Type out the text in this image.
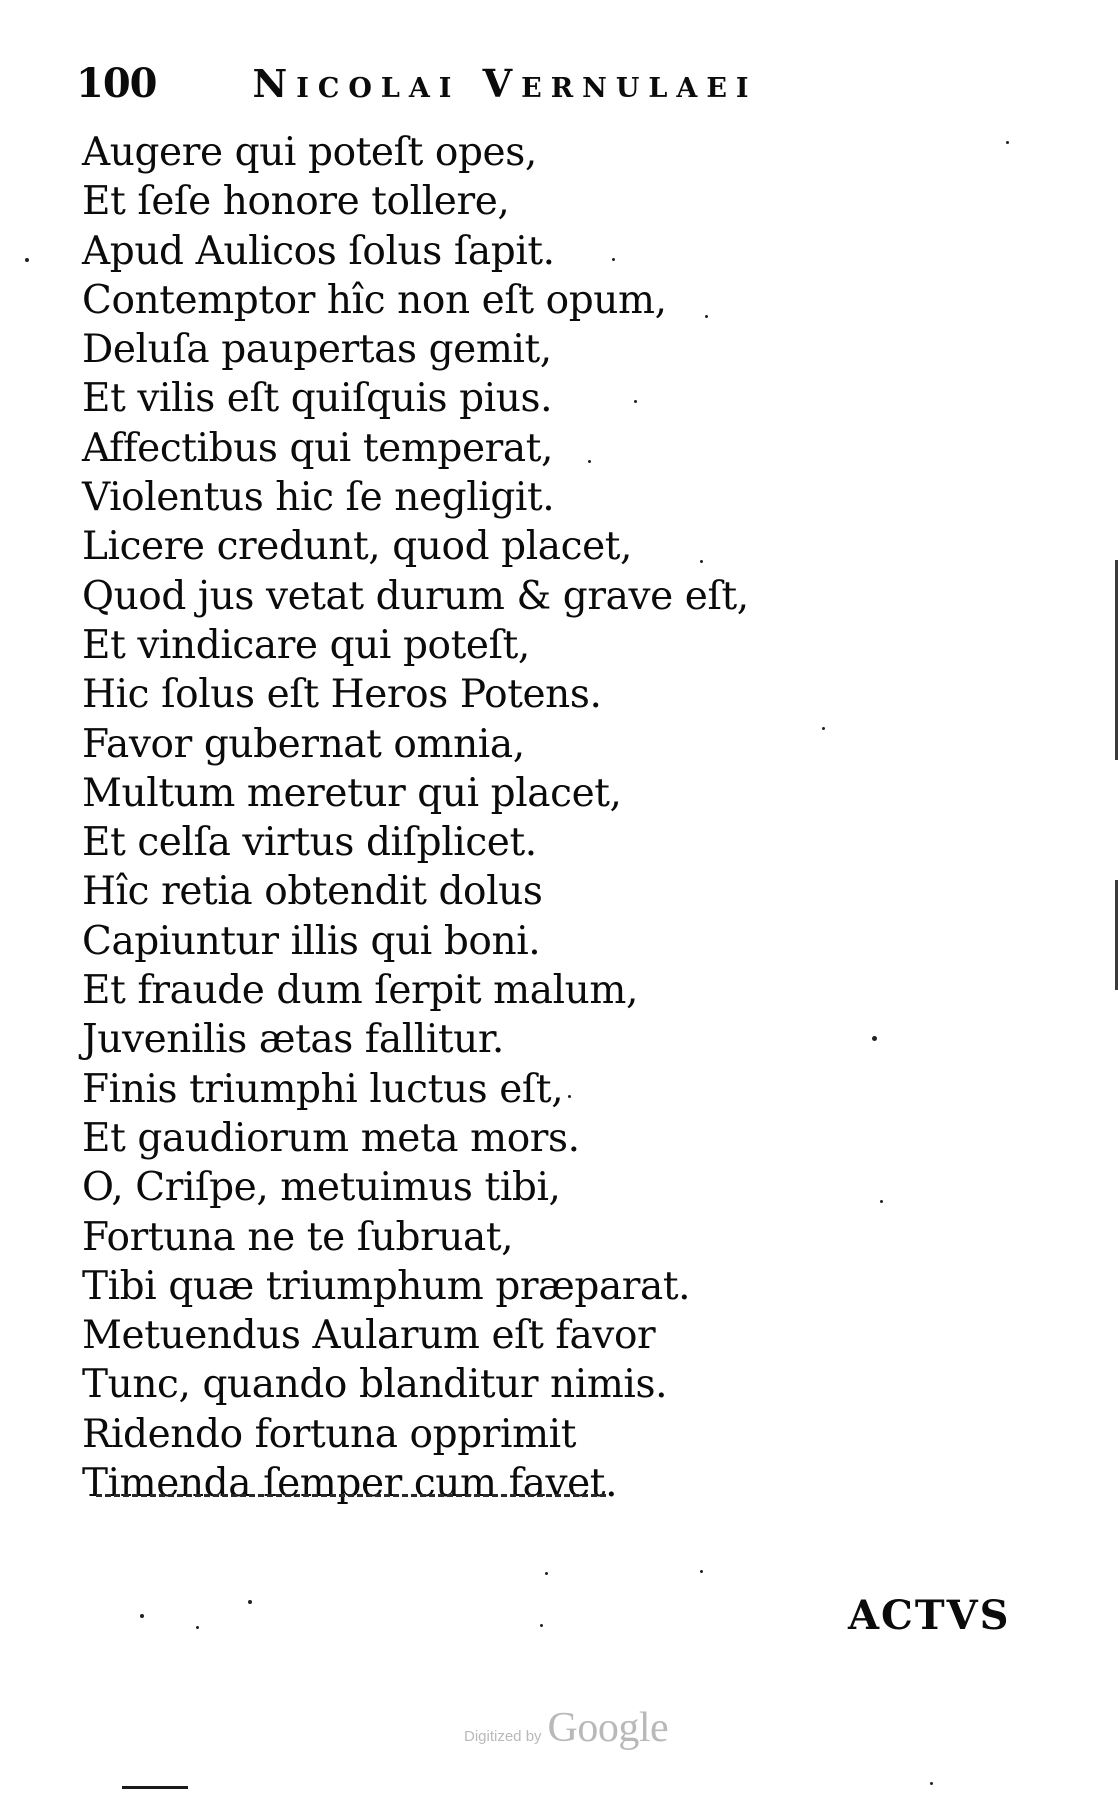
100	Nicolai Vernulaei
Augere qui poteſt opes,
Et ſeſe honore tollere,
Apud Aulicos ſolus ſapit.
Contemptor hîc non eſt opum,
Deluſa paupertas gemit,
Et vilis eſt quiſquis pius.
Affectibus qui temperat,
Violentus hic ſe negligit.
Licere credunt, quod placet,
Quod jus vetat durum & grave eſt,
Et vindicare qui poteſt,
Hic ſolus eſt Heros Potens.
Favor gubernat omnia,
Multum meretur qui placet,
Et celſa virtus diſplicet.
Hîc retia obtendit dolus
Capiuntur illis qui boni.
Et fraude dum ſerpit malum,
Juvenilis ætas fallitur.
Finis triumphi luctus eſt,
Et gaudiorum meta mors.
O, Criſpe, metuimus tibi,
Fortuna ne te ſubruat,
Tibi quæ triumphum præparat.
Metuendus Aularum eſt favor
Tunc, quando blanditur nimis.
Ridendo fortuna opprimit
Timenda ſemper cum favet.
ACTVS
Digitized by Google
